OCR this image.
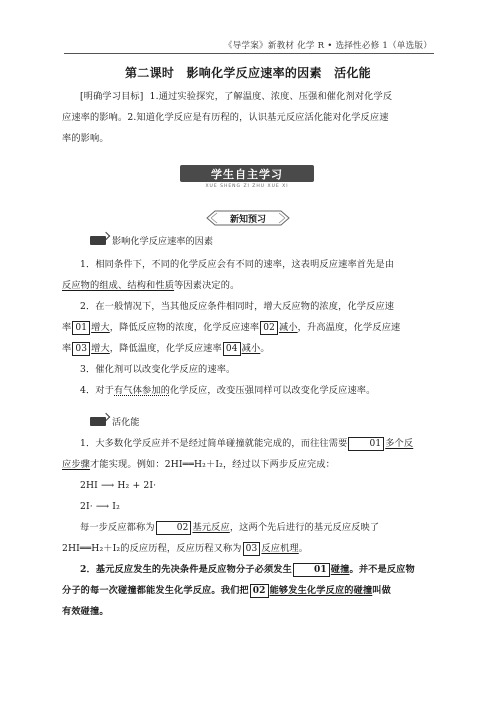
《导学案》新教材 化学 R • 选择性必修 1（单选版）
第二课时　影响化学反应速率的因素　活化能
[明确学习目标] 1.通过实验探究，了解温度、浓度、压强和催化剂对化学反
应速率的影响。2.知道化学反应是有历程的，认识基元反应活化能对化学反应速
率的影响。
学生自主学习
XUE SHENG ZI ZHU XUE XI
新知预习
影响化学反应速率的因素
1．相同条件下，不同的化学反应会有不同的速率，这表明反应速率首先是由
反应物的组成、结构和性质等因素决定的。
2．在一般情况下，当其他反应条件相同时，增大反应物的浓度，化学反应速
率 01 增大，降低反应物的浓度，化学反应速率 02 减小，升高温度，化学反应速
率 03 增大，降低温度，化学反应速率 04 减小。
3．催化剂可以改变化学反应的速率。
4．对于有气体参加的化学反应，改变压强同样可以改变化学反应速率。
活化能
1．大多数化学反应并不是经过简单碰撞就能完成的，而往往需要 01 多个反
应步骤才能实现。例如：2HI══H₂＋I₂，经过以下两步反应完成：
2HI ⟶ H₂ + 2I·
2I· ⟶ I₂
每一步反应都称为 02 基元反应，这两个先后进行的基元反应反映了
2HI══H₂＋I₂的反应历程，反应历程又称为 03 反应机理。
2．基元反应发生的先决条件是反应物分子必须发生 01 碰撞。并不是反应物
分子的每一次碰撞都能发生化学反应。我们把 02 能够发生化学反应的碰撞叫做
有效碰撞。
